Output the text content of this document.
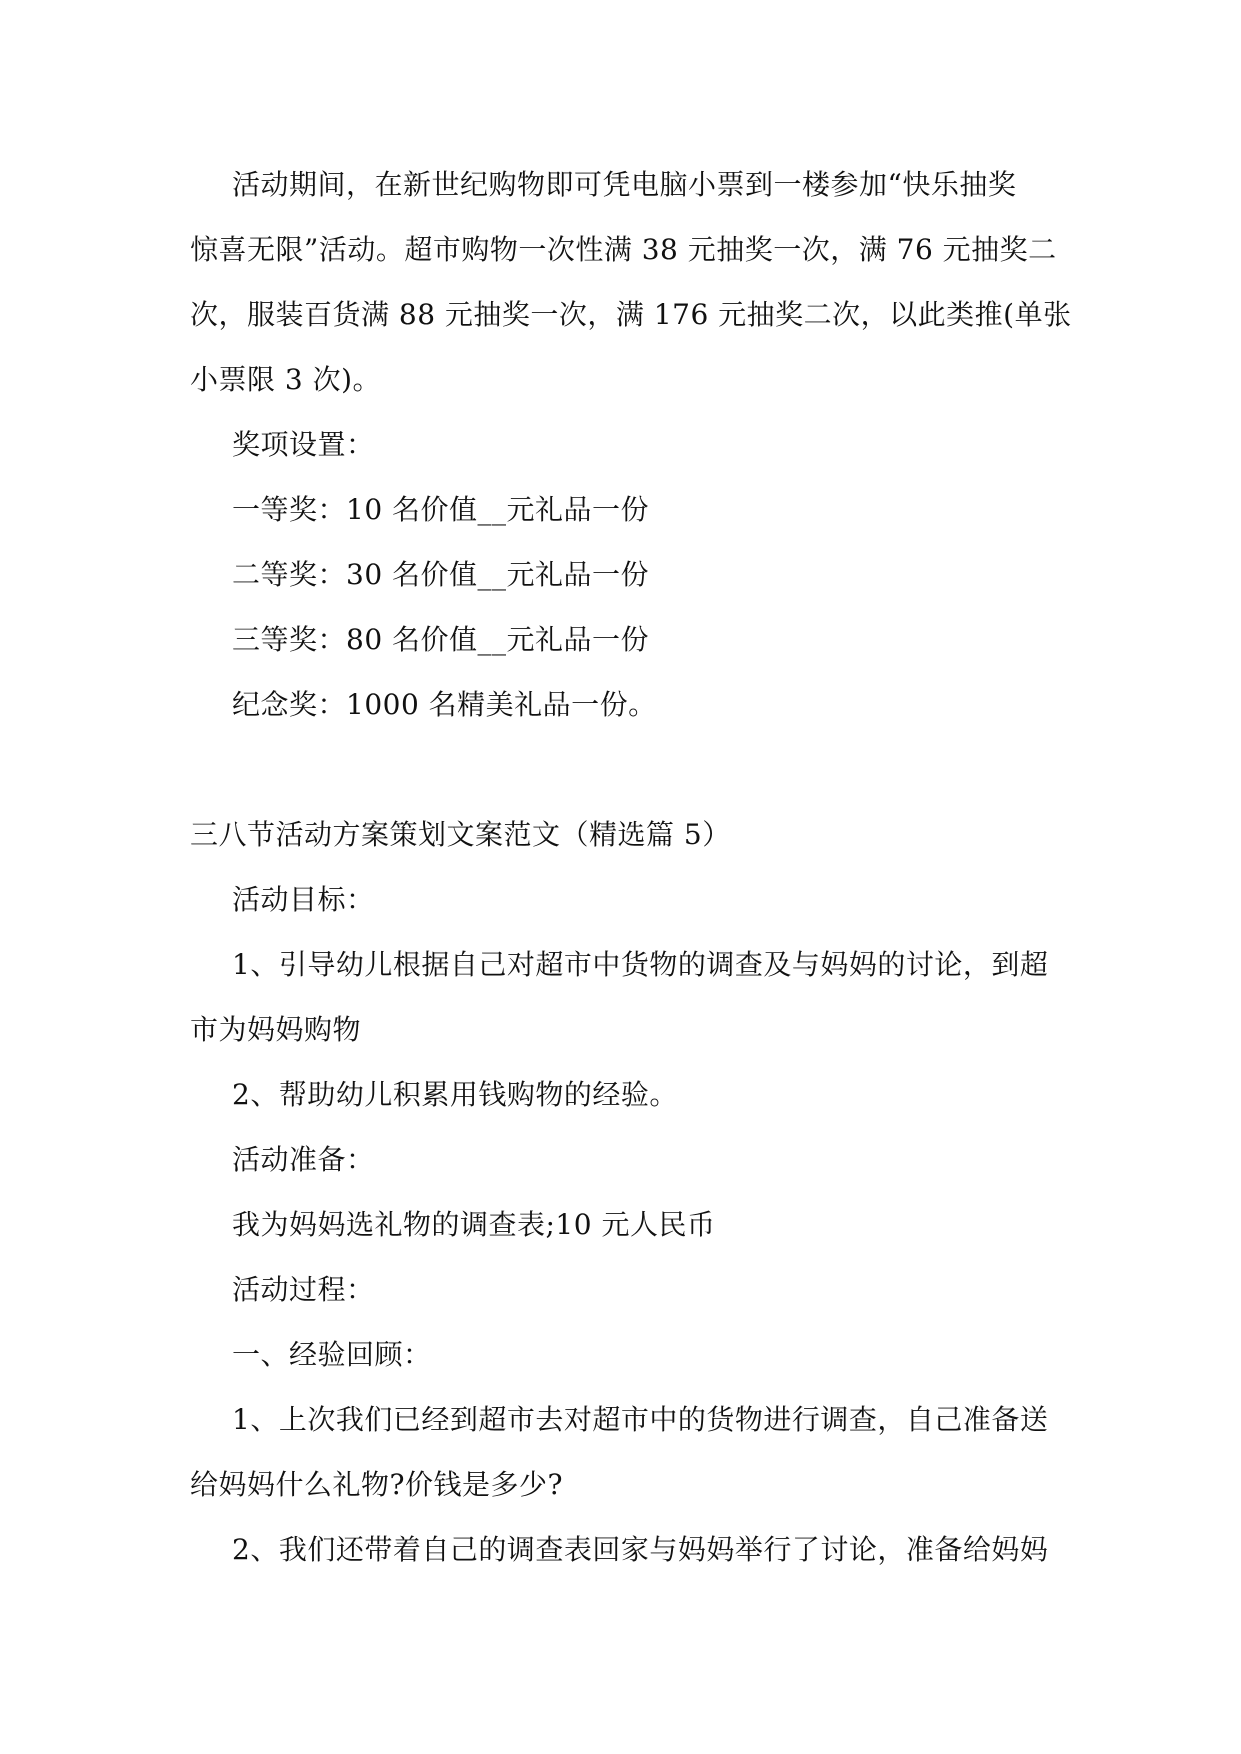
活动期间，在新世纪购物即可凭电脑小票到一楼参加“快乐抽奖
惊喜无限”活动。超市购物一次性满 38 元抽奖一次，满 76 元抽奖二
次，服装百货满 88 元抽奖一次，满 176 元抽奖二次，以此类推(单张
小票限 3 次)。
奖项设置：
一等奖：10 名价值__元礼品一份
二等奖：30 名价值__元礼品一份
三等奖：80 名价值__元礼品一份
纪念奖：1000 名精美礼品一份。
三八节活动方案策划文案范文（精选篇 5）
活动目标：
1、引导幼儿根据自己对超市中货物的调查及与妈妈的讨论，到超
市为妈妈购物
2、帮助幼儿积累用钱购物的经验。
活动准备：
我为妈妈选礼物的调查表;10 元人民币
活动过程：
一、经验回顾：
1、上次我们已经到超市去对超市中的货物进行调查，自己准备送
给妈妈什么礼物?价钱是多少?
2、我们还带着自己的调查表回家与妈妈举行了讨论，准备给妈妈
